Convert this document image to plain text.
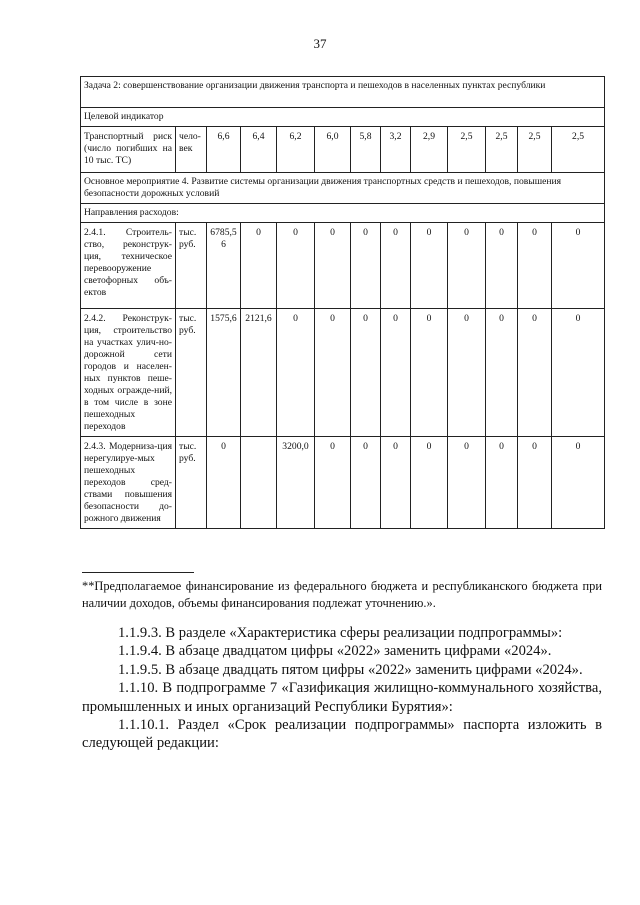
37
Задача 2: совершенствование организации движения транспорта и пешеходов в населенных пунктах республики												
Целевой индикатор												
Транспортный риск (число погибших на 10 тыс. ТС)	чело-век	6,6	6,4	6,2	6,0	5,8	3,2	2,9	2,5	2,5	2,5	2,5
Основное мероприятие 4. Развитие системы организации движения транспортных средств и пешеходов, повышения безопасности дорожных условий												
Направления расходов:												
2.4.1. Строитель-ство, реконструк-ция, техническое перевооружение светофорных объ-ектов	тыс. руб.	6785,5 6	0	0	0	0	0	0	0	0	0	0
2.4.2. Реконструк-ция, строительство на участках улич-но-дорожной сети городов и населен-ных пунктов пеше-ходных огражде-ний, в том числе в зоне пешеходных переходов	тыс. руб.	1575,6	2121,6	0	0	0	0	0	0	0	0	0
2.4.3. Модерниза-ция нерегулируе-мых пешеходных переходов сред-ствами повышения безопасности до-рожного движения	тыс. руб.	0		3200,0	0	0	0	0	0	0	0	0
**Предполагаемое финансирование из федерального бюджета и республиканского бюджета при наличии доходов, объемы финансирования подлежат уточнению.».

1.1.9.3. В разделе «Характеристика сферы реализации подпрограммы»:

1.1.9.4. В абзаце двадцатом цифры «2022» заменить цифрами «2024».

1.1.9.5. В абзаце двадцать пятом цифры «2022» заменить цифрами «2024».

1.1.10. В подпрограмме 7 «Газификация жилищно-коммунального хозяйства, промышленных и иных организаций Республики Бурятия»:

1.1.10.1. Раздел «Срок реализации подпрограммы» паспорта изложить в следующей редакции:
